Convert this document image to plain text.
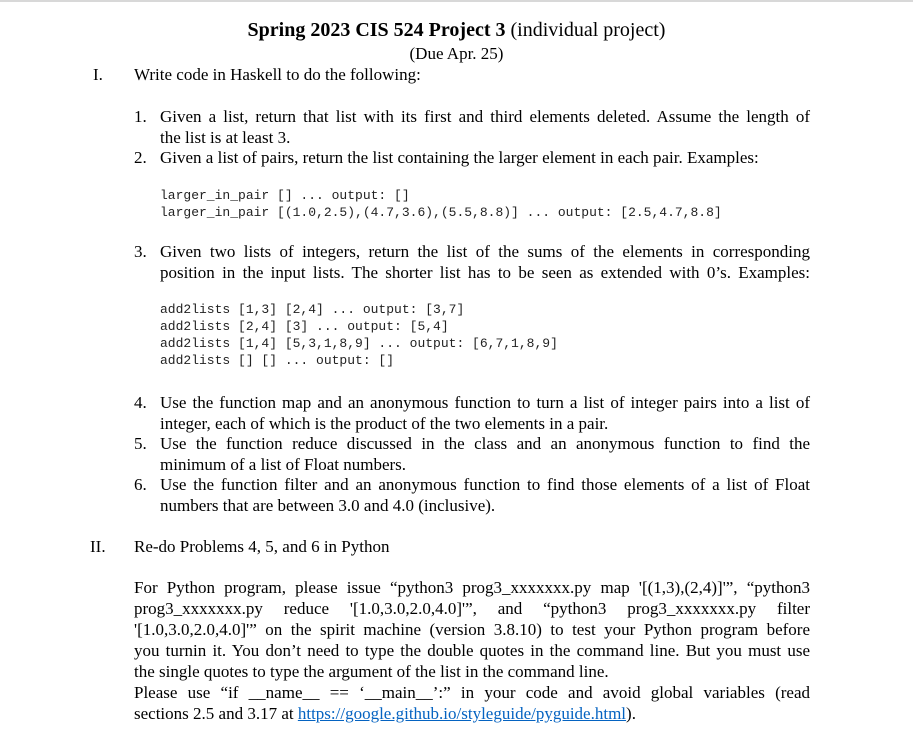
Spring 2023 CIS 524 Project 3 (individual project)
(Due Apr. 25)
I. Write code in Haskell to do the following:
1. Given a list, return that list with its first and third elements deleted. Assume the length of
the list is at least 3.
2. Given a list of pairs, return the list containing the larger element in each pair. Examples:
larger_in_pair [] ... output: []
larger_in_pair [(1.0,2.5),(4.7,3.6),(5.5,8.8)] ... output: [2.5,4.7,8.8]
3. Given two lists of integers, return the list of the sums of the elements in corresponding
position in the input lists. The shorter list has to be seen as extended with 0’s. Examples:
add2lists [1,3] [2,4] ... output: [3,7]
add2lists [2,4] [3] ... output: [5,4]
add2lists [1,4] [5,3,1,8,9] ... output: [6,7,1,8,9]
add2lists [] [] ... output: []
4. Use the function map and an anonymous function to turn a list of integer pairs into a list of
integer, each of which is the product of the two elements in a pair.
5. Use the function reduce discussed in the class and an anonymous function to find the
minimum of a list of Float numbers.
6. Use the function filter and an anonymous function to find those elements of a list of Float
numbers that are between 3.0 and 4.0 (inclusive).
II. Re-do Problems 4, 5, and 6 in Python
For Python program, please issue “python3 prog3_xxxxxxx.py map '[(1,3),(2,4)]'”, “python3
prog3_xxxxxxx.py reduce '[1.0,3.0,2.0,4.0]'”, and “python3 prog3_xxxxxxx.py filter
'[1.0,3.0,2.0,4.0]'” on the spirit machine (version 3.8.10) to test your Python program before
you turnin it. You don’t need to type the double quotes in the command line. But you must use
the single quotes to type the argument of the list in the command line.
Please use “if __name__ == ‘__main__’:” in your code and avoid global variables (read
sections 2.5 and 3.17 at https://google.github.io/styleguide/pyguide.html).
